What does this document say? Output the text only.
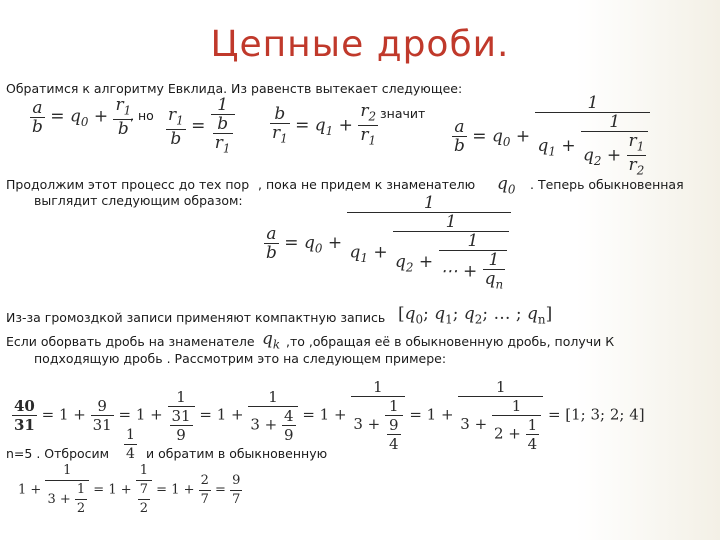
Цепные дроби.
Обратимся к алгоритму Евклида. Из равенств вытекает следующее:
$\frac{a}{b} = q_0 + \frac{r_1}{b}$
, но $\frac{r_1}{b} = \frac{1}{\frac{b}{r_1}} \frac{b}{r_1} = q_1 + \frac{r_2}{r_1}$ значит
$\frac{a}{b} = q_0 + \frac{1}{q_1 + \frac{1}{q_2 + \frac{r_1}{r_2}}}$
Продолжим этот процесс до тех пор , пока не придем к знаменателю $q_0$ . Теперь обыкновенная
выглядит следующим образом:
$\frac{a}{b} = q_0 + \frac{1}{q_1 + \frac{1}{q_2 + \frac{1}{\cdots + \frac{1}{q_n}}}}$
Из-за громоздкой записи применяют компактную запись [$q_0$; $q_1$; $q_2$; … ; $q_n$]
Если оборвать дробь на знаменателе $q_k$ ,то ,обращая её в обыкновенную дробь, получи К
подходящую дробь . Рассмотрим это на следующем примере:
$\frac{40}{31} = 1 + \frac{9}{31} = 1 + \frac{1}{\frac{31}{9}} = 1 + \frac{1}{3 + \frac{4}{9}} = 1 + \frac{1}{3 + \frac{1}{\frac{9}{4}}} = 1 + \frac{1}{3 + \frac{1}{2 + \frac{1}{4}}} = [1$; 3; 2; 4]
n=5 . Отбросим $\frac{1}{4}$ и обратим в обыкновенную
$1 + \frac{1}{3 + \frac{1}{2}} = 1 + \frac{1}{\frac{7}{2}} = 1 + \frac{2}{7} = \frac{9}{7}$
